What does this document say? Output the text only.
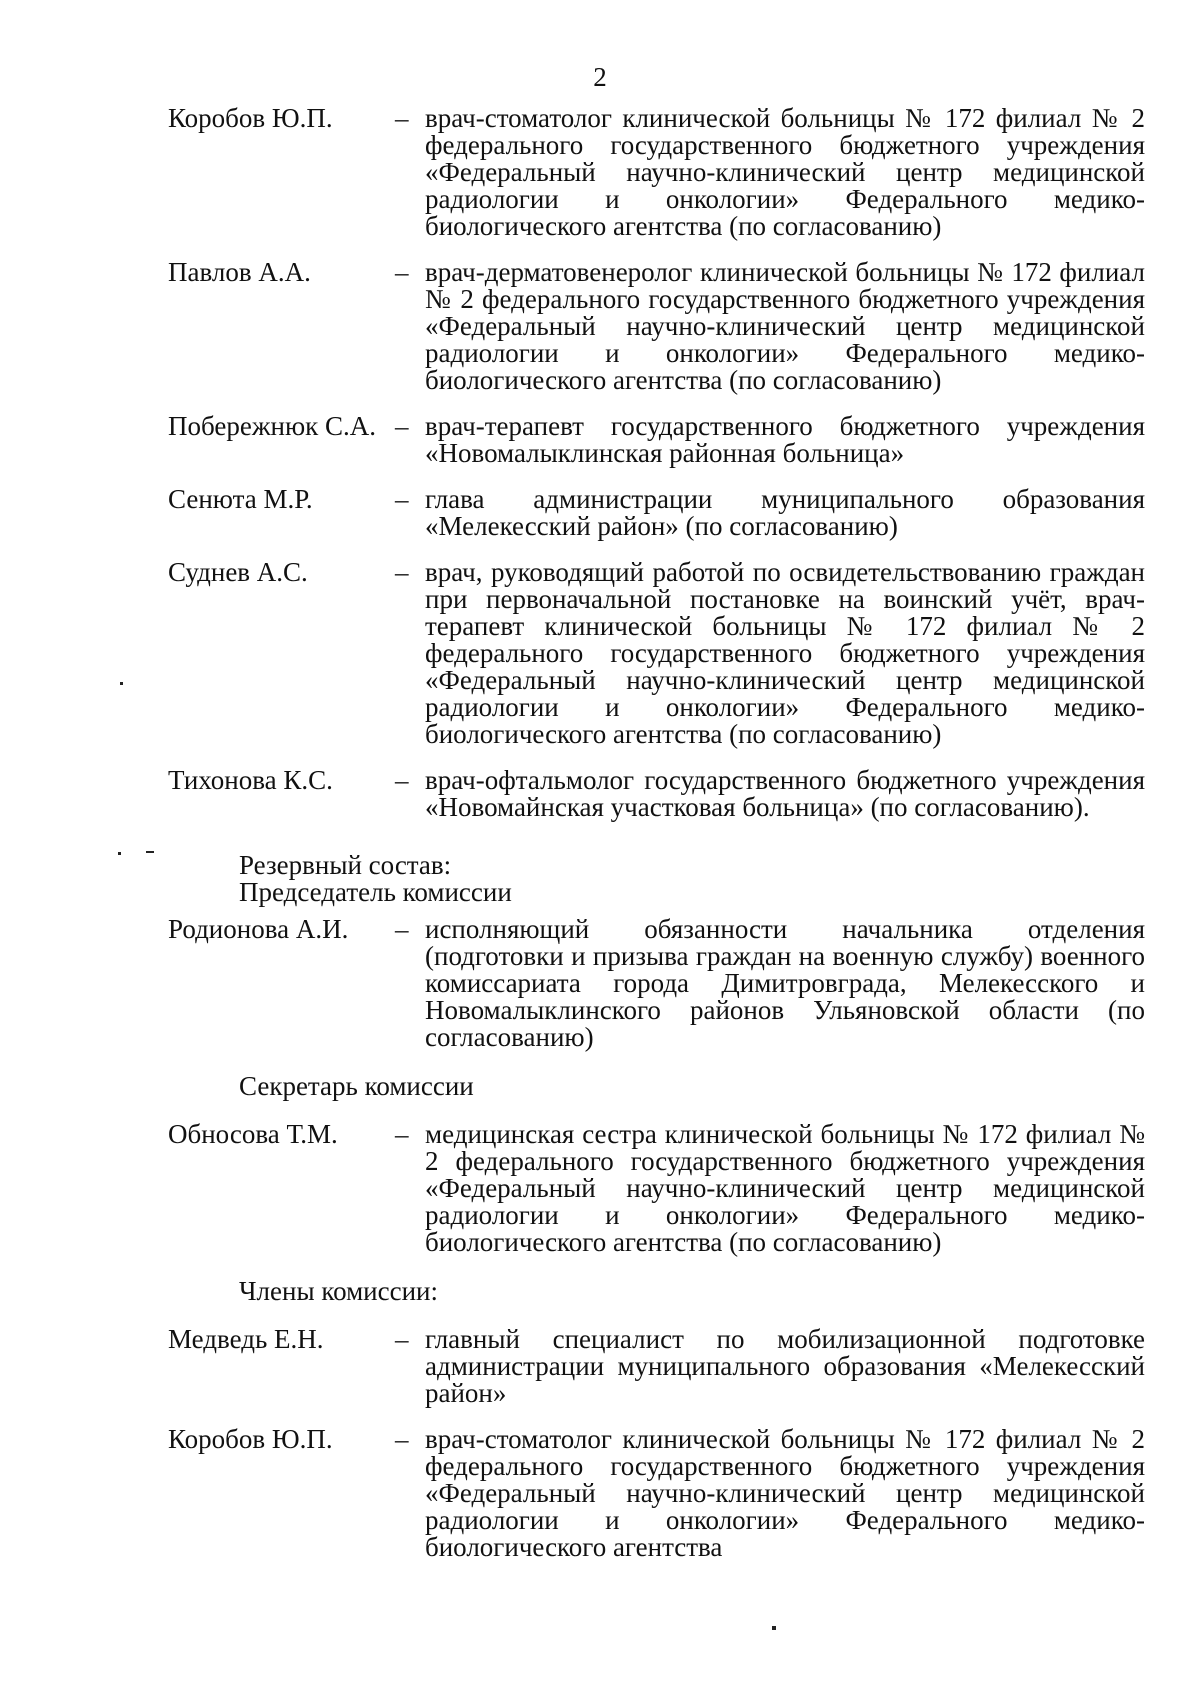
2
Коробов Ю.П.	– врач-стоматолог клинической больницы № 172 филиал № 2 федерального государственного бюджетного учреждения «Федеральный научно-клинический центр медицинской радиологии и онкологии» Федерального медико-биологического агентства (по согласованию)
Павлов А.А.	– врач-дерматовенеролог клинической больницы № 172 филиал № 2 федерального государственного бюджетного учреждения «Федеральный научно-клинический центр медицинской радиологии и онкологии» Федерального медико-биологического агентства (по согласованию)
Побережнюк С.А. – врач-терапевт государственного бюджетного учреждения «Новомалыклинская районная больница»
Сенюта М.Р.	– глава администрации муниципального образования «Мелекесский район» (по согласованию)
Суднев А.С.	– врач, руководящий работой по освидетельствованию граждан при первоначальной постановке на воинский учёт, врач-терапевт клинической больницы № 172 филиал № 2 федерального государственного бюджетного учреждения «Федеральный научно-клинический центр медицинской радиологии и онкологии» Федерального медико-биологического агентства (по согласованию)
Тихонова К.С.	– врач-офтальмолог государственного бюджетного учреждения «Новомайнская участковая больница» (по согласованию).
Резервный состав:
Председатель комиссии
Родионова А.И.	– исполняющий обязанности начальника отделения (подготовки и призыва граждан на военную службу) военного комиссариата города Димитровграда, Мелекесского и Новомалыклинского районов Ульяновской области (по согласованию)
Секретарь комиссии
Обносова Т.М.	– медицинская сестра клинической больницы № 172 филиал № 2 федерального государственного бюджетного учреждения «Федеральный научно-клинический центр медицинской радиологии и онкологии» Федерального медико-биологического агентства (по согласованию)
Члены комиссии:
Медведь Е.Н.	– главный специалист по мобилизационной подготовке администрации муниципального образования «Мелекесский район»
Коробов Ю.П.	– врач-стоматолог клинической больницы № 172 филиал № 2 федерального государственного бюджетного учреждения «Федеральный научно-клинический центр медицинской радиологии и онкологии» Федерального медико-биологического агентства
